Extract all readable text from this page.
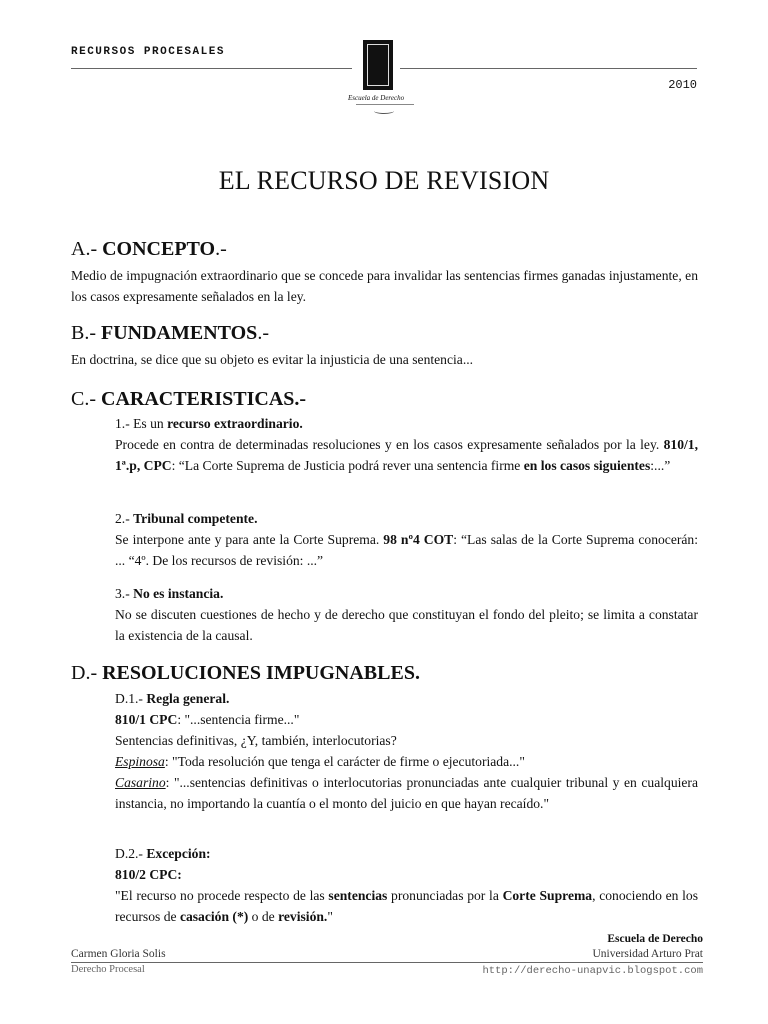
RECURSOS PROCESALES
2010
Escuela de Derecho
EL RECURSO DE REVISION
A.- CONCEPTO.-
Medio de impugnación extraordinario que se concede para invalidar las sentencias firmes ganadas injustamente, en los casos expresamente señalados en la ley.
B.- FUNDAMENTOS.-
En doctrina, se dice que su objeto es evitar la injusticia de una sentencia...
C.- CARACTERISTICAS.-

1.- Es un recurso extraordinario.

Procede en contra de determinadas resoluciones y en los casos expresamente señalados por la ley. 810/1, 1ª.p, CPC: “La Corte Suprema de Justicia podrá rever una sentencia firme en los casos siguientes:...”

2.- Tribunal competente.

Se interpone ante y para ante la Corte Suprema. 98 nº4 COT: “Las salas de la Corte Suprema conocerán: ... “4º. De los recursos de revisión: ...”

3.- No es instancia.

No se discuten cuestiones de hecho y de derecho que constituyan el fondo del pleito; se limita a constatar la existencia de la causal.

D.- RESOLUCIONES IMPUGNABLES.

D.1.- Regla general.

810/1 CPC: "...sentencia firme..."

Sentencias definitivas, ¿Y, también, interlocutorias?

Espinosa: "Toda resolución que tenga el carácter de firme o ejecutoriada..."

Casarino: "...sentencias definitivas o interlocutorias pronunciadas ante cualquier tribunal y en cualquiera instancia, no importando la cuantía o el monto del juicio en que hayan recaído."

D.2.- Excepción:

810/2 CPC:

"El recurso no procede respecto de las sentencias pronunciadas por la Corte Suprema, conociendo en los recursos de casación (*) o de revisión."

Escuela de Derecho
Carmen Gloria Solis	Universidad Arturo Prat
Derecho Procesal	http://derecho-unapvic.blogspot.com
